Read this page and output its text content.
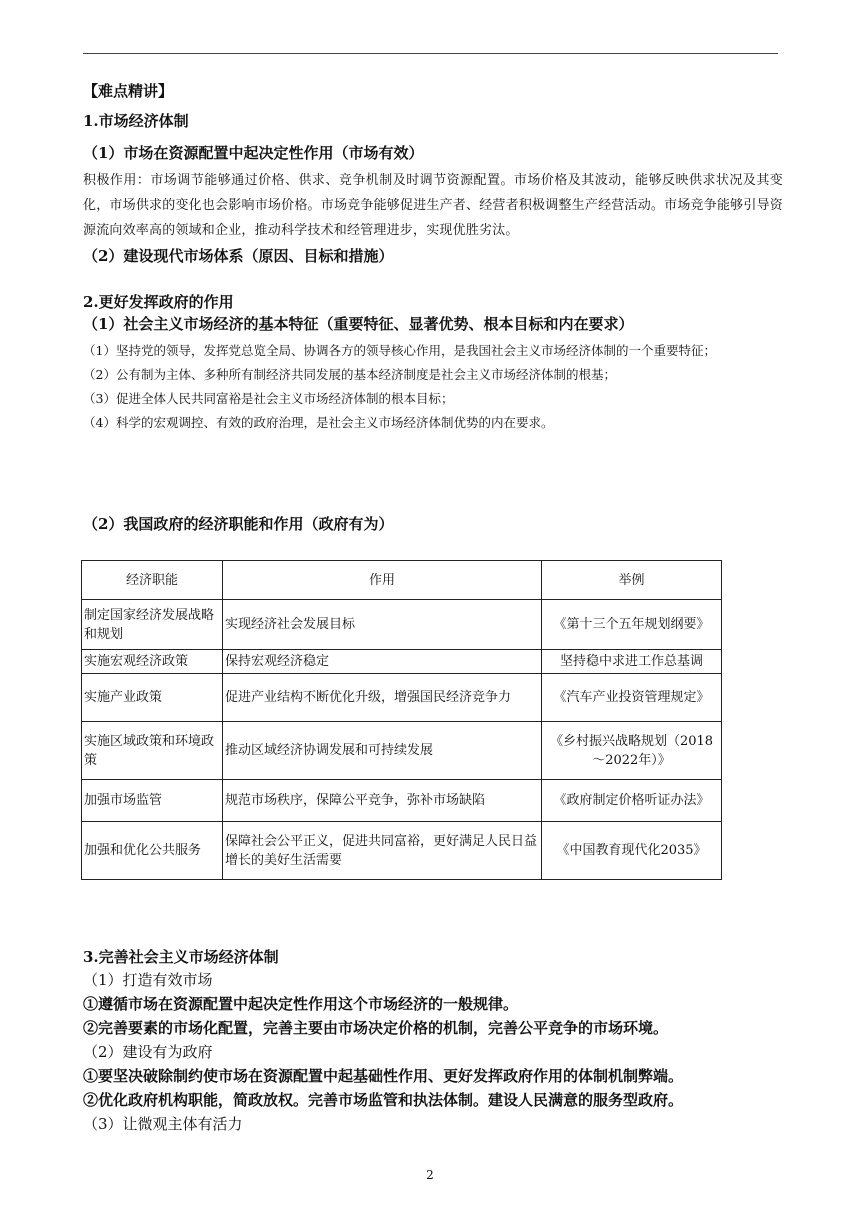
【难点精讲】

1.市场经济体制

（1）市场在资源配置中起决定性作用（市场有效）

积极作用：市场调节能够通过价格、供求、竞争机制及时调节资源配置。市场价格及其波动，能够反映供求状况及其变化，市场供求的变化也会影响市场价格。市场竞争能够促进生产者、经营者积极调整生产经营活动。市场竞争能够引导资源流向效率高的领域和企业，推动科学技术和经管理进步，实现优胜劣汰。

（2）建设现代市场体系（原因、目标和措施）

2.更好发挥政府的作用

（1）社会主义市场经济的基本特征（重要特征、显著优势、根本目标和内在要求）

（1）坚持党的领导，发挥党总览全局、协调各方的领导核心作用，是我国社会主义市场经济体制的一个重要特征；

（2）公有制为主体、多种所有制经济共同发展的基本经济制度是社会主义市场经济体制的根基；

（3）促进全体人民共同富裕是社会主义市场经济体制的根本目标；

（4）科学的宏观调控、有效的政府治理，是社会主义市场经济体制优势的内在要求。

（2）我国政府的经济职能和作用（政府有为）

经济职能	作用	举例
制定国家经济发展战略和规划	实现经济社会发展目标	《第十三个五年规划纲要》
实施宏观经济政策	保持宏观经济稳定	坚持稳中求进工作总基调
实施产业政策	促进产业结构不断优化升级，增强国民经济竞争力	《汽车产业投资管理规定》
实施区域政策和环境政策	推动区域经济协调发展和可持续发展	《乡村振兴战略规划（2018～2022年）》
加强市场监管	规范市场秩序，保障公平竞争，弥补市场缺陷	《政府制定价格听证办法》
加强和优化公共服务	保障社会公平正义，促进共同富裕，更好满足人民日益增长的美好生活需要	《中国教育现代化2035》

3.完善社会主义市场经济体制

（1）打造有效市场

①遵循市场在资源配置中起决定性作用这个市场经济的一般规律。

②完善要素的市场化配置，完善主要由市场决定价格的机制，完善公平竞争的市场环境。

（2）建设有为政府

①要坚决破除制约使市场在资源配置中起基础性作用、更好发挥政府作用的体制机制弊端。

②优化政府机构职能，简政放权。完善市场监管和执法体制。建设人民满意的服务型政府。

（3）让微观主体有活力

2
